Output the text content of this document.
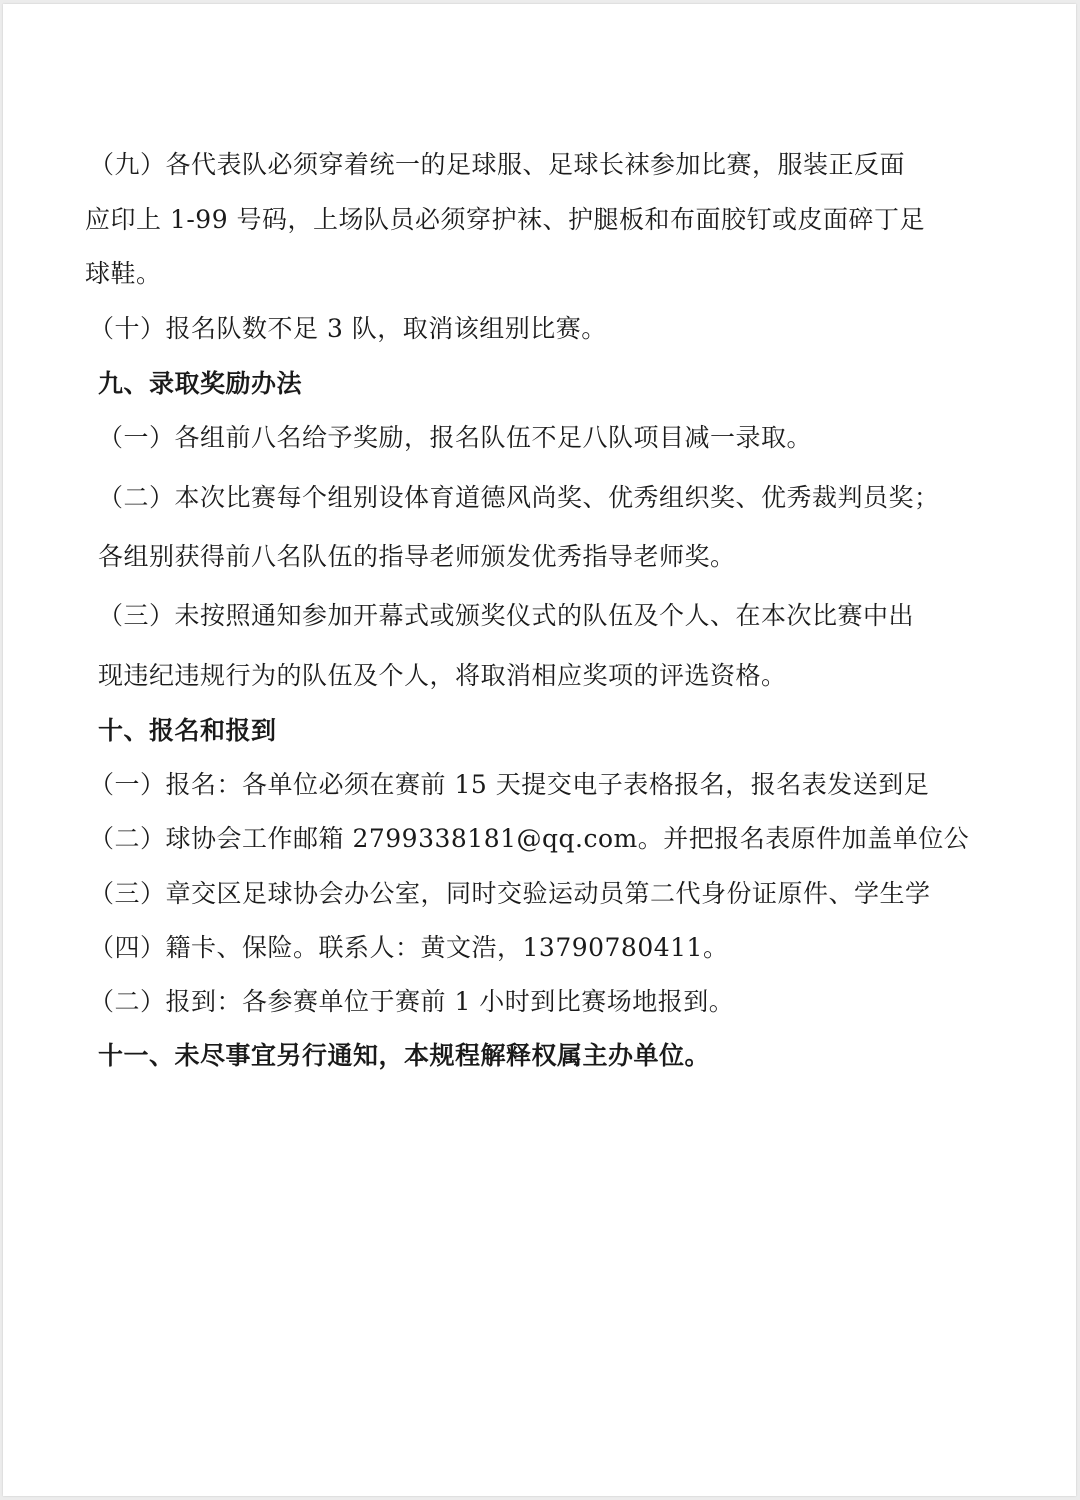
（九）各代表队必须穿着统一的足球服、足球长袜参加比赛，服装正反面
应印上 1-99 号码，上场队员必须穿护袜、护腿板和布面胶钉或皮面碎丁足
球鞋。
（十）报名队数不足 3 队，取消该组别比赛。
九、录取奖励办法
（一）各组前八名给予奖励，报名队伍不足八队项目减一录取。
（二）本次比赛每个组别设体育道德风尚奖、优秀组织奖、优秀裁判员奖；
各组别获得前八名队伍的指导老师颁发优秀指导老师奖。
（三）未按照通知参加开幕式或颁奖仪式的队伍及个人、在本次比赛中出
现违纪违规行为的队伍及个人，将取消相应奖项的评选资格。
十、报名和报到
（一）报名：各单位必须在赛前 15 天提交电子表格报名，报名表发送到足
（二）球协会工作邮箱 2799338181@qq.com。并把报名表原件加盖单位公
（三）章交区足球协会办公室，同时交验运动员第二代身份证原件、学生学
（四）籍卡、保险。联系人：黄文浩，13790780411。
（二）报到：各参赛单位于赛前 1 小时到比赛场地报到。
十一、未尽事宜另行通知，本规程解释权属主办单位。
